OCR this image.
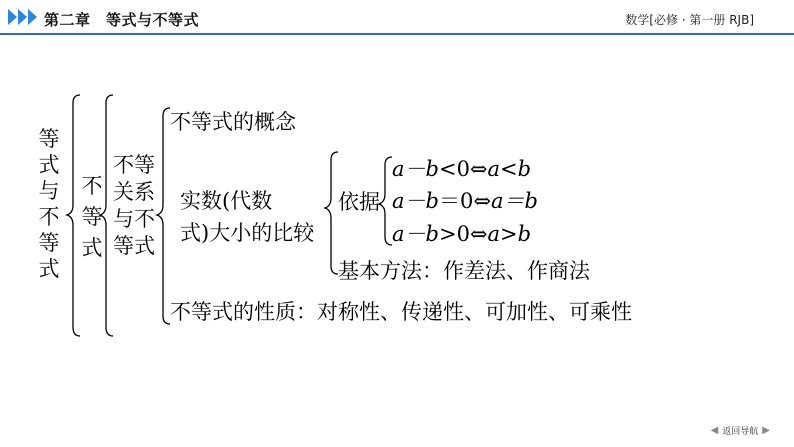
第二章　等式与不等式	数学[必修 · 第一册 RJB]
等
式
与
不
等
式
不
等
式
不等
关系
与不
等式
不等式的概念
实数(代数
式)大小的比较
依据
a－b<0⇔a<b
a－b＝0⇔a＝b
a－b>0⇔a>b
基本方法：作差法、作商法
不等式的性质：对称性、传递性、可加性、可乘性
◀ 返回导航 ▶
